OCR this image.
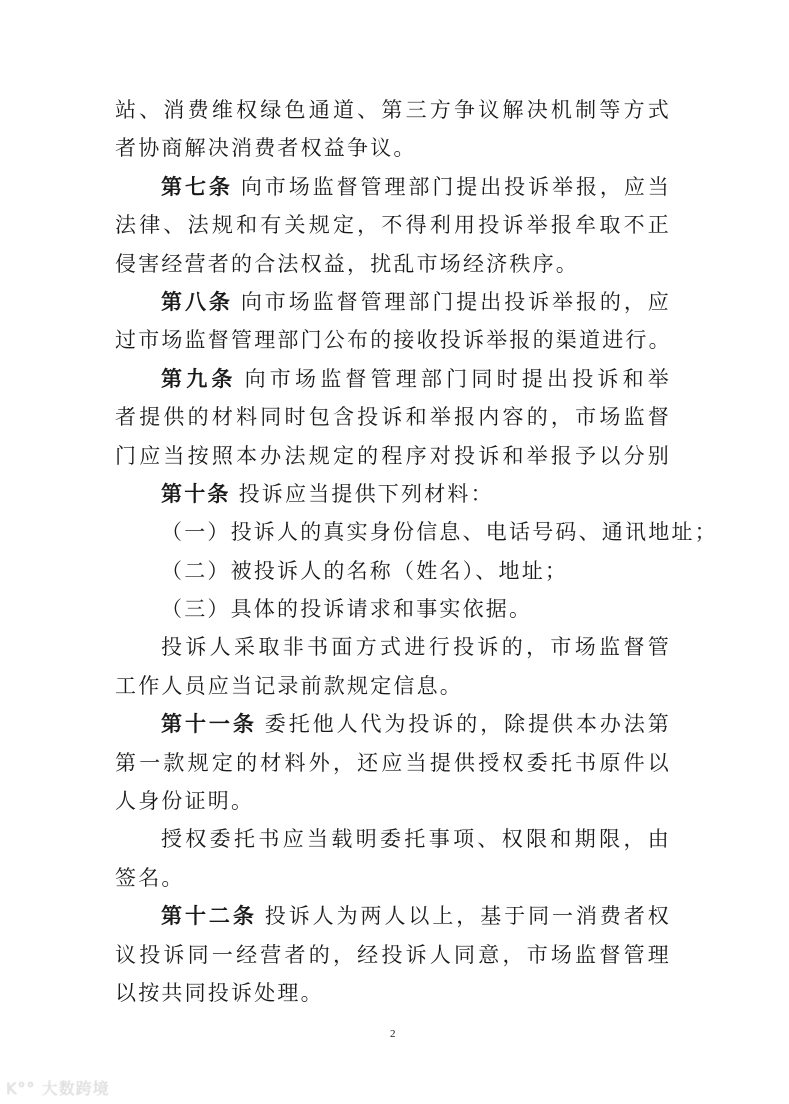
站、消费维权绿色通道、第三方争议解决机制等方式
者协商解决消费者权益争议。
第七条 向市场监督管理部门提出投诉举报，应当
法律、法规和有关规定，不得利用投诉举报牟取不正
侵害经营者的合法权益，扰乱市场经济秩序。
第八条 向市场监督管理部门提出投诉举报的，应
过市场监督管理部门公布的接收投诉举报的渠道进行。
第九条 向市场监督管理部门同时提出投诉和举
者提供的材料同时包含投诉和举报内容的，市场监督
门应当按照本办法规定的程序对投诉和举报予以分别
第十条 投诉应当提供下列材料：
（一）投诉人的真实身份信息、电话号码、通讯地址；
（二）被投诉人的名称（姓名）、地址；
（三）具体的投诉请求和事实依据。
投诉人采取非书面方式进行投诉的，市场监督管
工作人员应当记录前款规定信息。
第十一条 委托他人代为投诉的，除提供本办法第
第一款规定的材料外，还应当提供授权委托书原件以
人身份证明。
授权委托书应当载明委托事项、权限和期限，由
签名。
第十二条 投诉人为两人以上，基于同一消费者权
议投诉同一经营者的，经投诉人同意，市场监督管理
以按共同投诉处理。
2
K°° 大数跨境
